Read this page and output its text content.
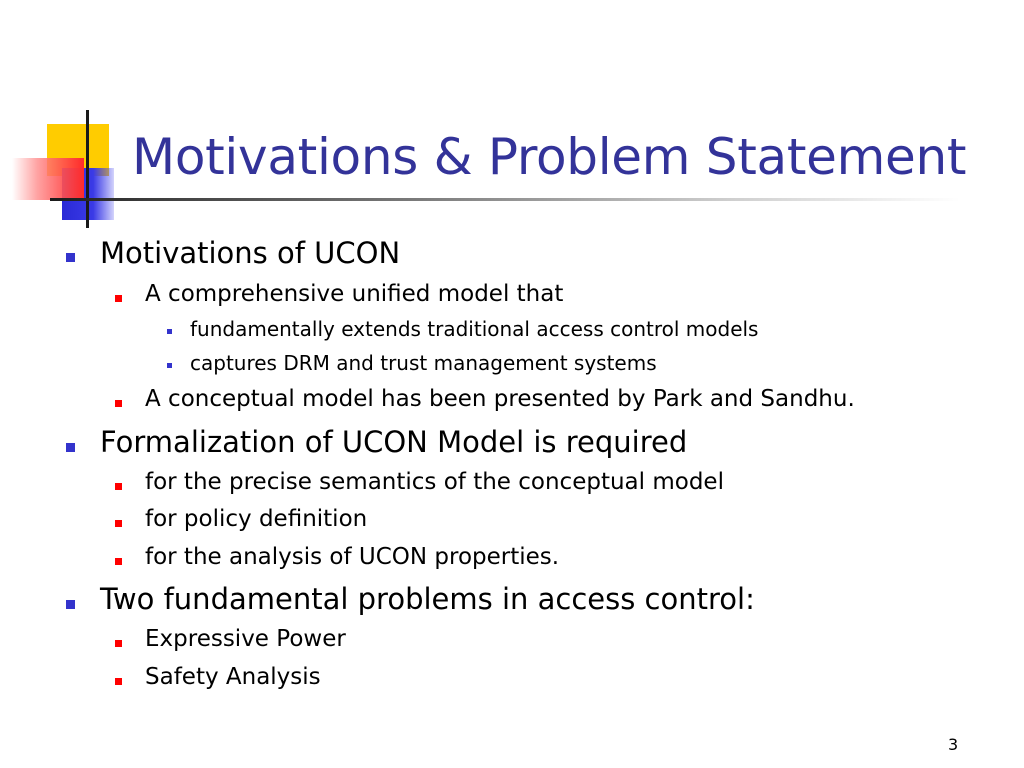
Motivations & Problem Statement
Motivations of UCON
A comprehensive unified model that
fundamentally extends traditional access control models
captures DRM and trust management systems
A conceptual model has been presented by Park and Sandhu.
Formalization of UCON Model is required
for the precise semantics of the conceptual model
for policy definition
for the analysis of UCON properties.
Two fundamental problems in access control:
Expressive Power
Safety Analysis
3
